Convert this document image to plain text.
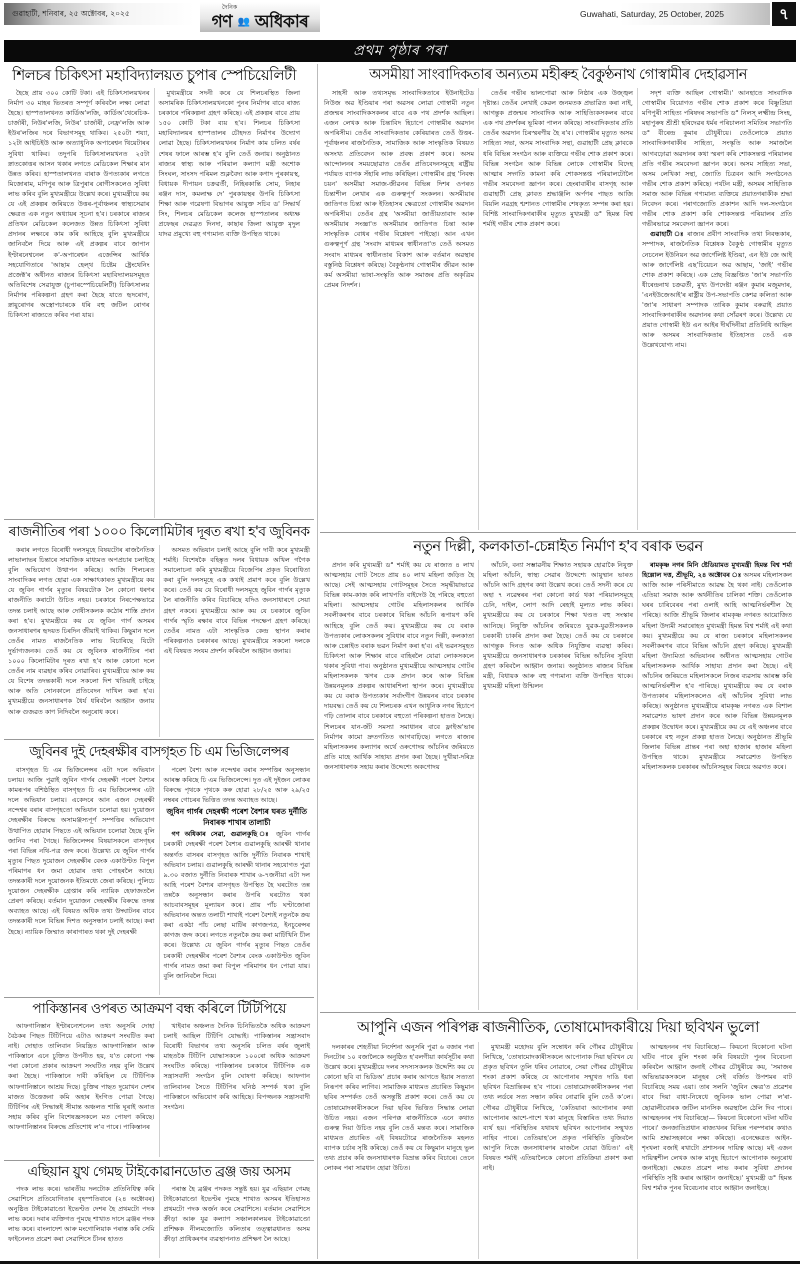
গুৱাহাটী, শনিবাৰ, ২৫ অক্টোবৰ, ২০২৫
দৈনিক
গণ 👥 অধিকাৰ	Guwahati, Saturday, 25 October, 2025	৭
প্ৰথম পৃষ্ঠাৰ পৰা
শিলচৰ চিকিৎসা মহাবিদ্যালয়ত চুপাৰ স্পেচিয়েলিটী

হৈছে প্ৰায় ৩০০ কোটি টকা। এই চিকিৎসালয়খনৰ নিৰ্মাণ ৩০ মাহৰ ভিতৰত সম্পূৰ্ণ কৰিবলৈ লক্ষ্য লোৱা হৈছে। হাস্পতালখনত কাৰ্ডিঅ'লজি, কাৰ্ডিঅ'থেৰেচিক-চাৰ্জাৰী, নিউৰ'লজি, নিউৰ' চাৰ্জাৰী, নেফ্ৰ'লজি আৰু ইউৰ'লজিৰ দৰে বিভাগসমূহ থাকিব। ২৫০টা শয্যা, ১২টা আইচিইউ আৰু অত্যাধুনিক অপাৰেশ্বন থিয়েটাৰৰ সুবিধা থাকিব। তদুপৰি চিকিৎসালয়খনত ২৫টা স্নাতকোত্তৰ আসন থকাৰ লগতে মেডিকেল শিক্ষাৰ মান উন্নত কৰিব। হাস্পতালখনত বাৰাক উপত্যকাৰ লগতে মিজোৰাম, মণিপুৰ আৰু ত্ৰিপুৰাৰ ৰোগীসকলেও সুবিধা লাভ কৰিব বুলি মুখ্যমন্ত্ৰীয়ে উল্লেখ কৰে। মুখ্যমন্ত্ৰীয়ে কয় যে এই প্ৰকল্পৰ জৰিয়তে উত্তৰ-পূৰ্বাঞ্চলৰ স্বাস্থ্যসেৱাৰ ক্ষেত্ৰত এক নতুন অধ্যায়ৰ সূচনা হ'ব। চৰকাৰে ৰাজ্যৰ প্ৰতিখন মেডিকেল কলেজত উন্নত চিকিৎসা সুবিধা প্ৰদানৰ লক্ষ্যৰে কাম কৰি আহিছে বুলি মুখ্যমন্ত্ৰীয়ে জানিবলৈ দিয়ে আৰু এই প্ৰকল্পৰ বাবে জাপান ইণ্টাৰনেশ্বনেল ক'-অপাৰেশ্বন এজেন্সিৰ আৰ্থিক সহযোগিতাৰে 'আছাম হেল্থ চিষ্টেম ষ্ট্ৰেংথেনিং প্ৰজেক্ট'ৰ অধীনত ৰাজ্যৰ চিকিৎসা মহাবিদ্যালয়সমূহত অতিবিশেষ সেৱাযুক্ত (চুপাৰস্পেচিয়েলিটী) চিকিৎসালয় নিৰ্মাণৰ পৰিকল্পনা গ্ৰহণ কৰা হৈছে যাতে হৃদৰোগ, স্নায়ুৰোগৰ অস্ত্ৰোপচাৰকে ধৰি বহু জটিল ৰোগৰ চিকিৎসা ৰাজ্যতে কৰিব পৰা যায়।

মুখ্যমন্ত্ৰীয়ে সদনী কৰে যে শিলচৰস্থিত জিলা অসামৰিক চিকিৎসালয়খনকো পুনৰ নিৰ্মাণৰ বাবে ৰাজ্য চৰকাৰে পৰিকল্পনা গ্ৰহণ কৰিছে। এই প্ৰকল্পৰ বাবে প্ৰায় ১৫০ কোটি টকা ব্যয় হ'ব। শিলচৰ চিকিৎসা মহাবিদ্যালয়ৰ হাস্পতালৰ চৌহদত নিৰ্মাণৰ উদ্যোগ লোৱা হৈছে। চিকিৎসালয়খনৰ নিৰ্মাণ কাম চলিত বৰ্ষৰ শেষৰ ফালে আৰম্ভ হ'ব বুলি তেওঁ জনায়। অনুষ্ঠানত ৰাজ্যৰ স্বাস্থ্য আৰু পৰিয়াল কল্যাণ মন্ত্ৰী অশোক সিংঘল, সাংসদ পৰিমল শুক্লবৈদ্য আৰু কণাদ পুৰকায়স্থ, বিধায়ক দীপায়ন চক্ৰৱৰ্তী, নিহিৰকান্তি সোম, নিহাৰ ৰঞ্জন দাস, কমলাক্ষ দে' পুৰকায়স্থৰ উপৰি চিকিৎসা শিক্ষা আৰু গৱেষণা বিভাগৰ আয়ুক্ত সচিব ড' সিদ্ধাৰ্থ সিং, শিলচৰ মেডিকেল কলেজ হাস্পতালৰ অধ্যক্ষ প্ৰফেছৰ দেৱব্ৰত দিনদা, কাছাৰ জিলা আয়ুক্ত মৃদুল যাদৱ প্ৰমুখ্যে বহু গণ্যমান্য ব্যক্তি উপস্থিত থাকে।

অসমীয়া সাংবাদিকতাৰ অন্যতম মহীৰুহ বৈকুণ্ঠনাথ গোস্বামীৰ দেহাৱসান

সাহসী আৰু তথ্যসমৃদ্ধ সাংবাদিকতাৰে ইউনাইটেড নিউজ অৱ ইণ্ডিয়াৰ পৰা অৱসৰ লোৱা গোস্বামী নতুন প্ৰজন্মৰ সাংবাদিকসকলৰ বাবে এক পথ প্ৰদৰ্শক আছিল। এজন লেখক আৰু চিন্তাবিদ হিচাপে গোস্বামীৰ অৱদান অপৰিসীম। তেওঁৰ সাংবাদিকতাৰ কেৰিয়াৰত তেওঁ উত্তৰ-পূৰ্বাঞ্চলৰ ৰাজনৈতিক, সামাজিক আৰু সাংস্কৃতিক বিষয়ত অসংখ্য প্ৰতিবেদন আৰু প্ৰবন্ধ প্ৰকাশ কৰে। অসম আন্দোলনৰ সময়ছোৱাত তেওঁৰ প্ৰতিবেদনসমূহে ৰাষ্ট্ৰীয় পৰ্যায়ত ব্যাপক সঁহাৰি লাভ কৰিছিল। গোস্বামীৰ গ্ৰন্থ 'নিবন্ধ চয়ন' অসমীয়া সমাজ-জীৱনৰ বিভিন্ন দিশৰ ওপৰত চিন্তাশীল লেখাৰ এক গুৰুত্বপূৰ্ণ সংকলন। অসমীয়াৰ জাতিগত চিন্তা আৰু ইতিহাসৰ ক্ষেত্ৰতো গোস্বামীৰ অৱদান অপৰিসীম। তেওঁৰ গ্ৰন্থ 'অসমীয়া জাতীয়তাবাদ আৰু অসমীয়াৰ সংজ্ঞা'ত অসমীয়াৰ জাতিগত চিন্তা আৰু সাংস্কৃতিক বোধৰ গভীৰ বিশ্লেষণ পাইছো। আন এখন গুৰুত্বপূৰ্ণ গ্ৰন্থ 'সংবাদ মাধ্যমৰ স্বাধীনতা'ত তেওঁ অসমত সংবাদ মাধ্যমৰ স্বাধীনতাৰ বিকাশ আৰু বৰ্তমান অৱস্থাৰ বস্তুনিষ্ঠ বিশ্লেষণ কৰিছে। বৈকুণ্ঠনাথ গোস্বামীৰ জীৱন আৰু কৰ্ম অসমীয়া ভাষা-সংস্কৃতি আৰু সমাজৰ প্ৰতি অকৃত্ৰিম প্ৰেমৰ নিদৰ্শন।

তেওঁৰ গভীৰ ভালপোৱা আৰু নিষ্ঠাৰ এক উজ্জ্বল দৃষ্টান্ত। তেওঁৰ লেখাই কেৱল জনমতক প্ৰভাৱিত কৰা নাই, আগন্তুক প্ৰজন্মৰ সাংবাদিক আৰু সাহিত্যিকসকলৰ বাবে এক পথ প্ৰদৰ্শকৰ ভূমিকা পালন কৰিছে। সাংবাদিকতাৰ প্ৰতি তেওঁৰ অৱদান চিৰস্মৰণীয় হৈ ৰ'ব। গোস্বামীৰ মৃত্যুত অসম সাহিত্য সভা, অসম সাংবাদিক সন্থা, গুৱাহাটী প্ৰেছ ক্লাবকে ধৰি বিভিন্ন সংগঠন আৰু ব্যক্তিয়ে গভীৰ শোক প্ৰকাশ কৰে। বিভিন্ন সংগঠন আৰু বিভিন্ন লোকে গোস্বামীৰ বিদেহ আত্মাৰ সদ্গতি কামনা কৰি শোকসন্তপ্ত পৰিয়ালটোলৈ গভীৰ সমবেদনা জ্ঞাপন কৰে। হেংৰাবাৰীৰ বাসগৃহ আৰু গুৱাহাটী প্ৰেছ ক্লাবত শ্ৰদ্ধাঞ্জলি অৰ্পণৰ পাছত আজি বিয়লি নৱগ্ৰহ শ্মশানত গোস্বামীৰ শেষকৃত্য সম্পন্ন কৰা হয়। বিশিষ্ট সাংবাদিকগৰাকীৰ মৃত্যুত মুখ্যমন্ত্ৰী ড° হিমন্ত বিশ্ব শৰ্মাই গভীৰ শোক প্ৰকাশ কৰে।

সদৃশ ব্যক্তি আছিল গোস্বামী।' আনহাতে সাংবাদিক গোস্বামীৰ বিয়োগত গভীৰ শোক প্ৰকাশ কৰে বিষ্ণুপ্ৰিয়া মণিপুৰী সাহিত্য পৰিষদৰ সভাপতি ড° নিলস্ লক্ষ্মীন্দ্ৰ সিংহ, মহাপুৰুষ শ্ৰীশ্ৰী হৰিদেৱৰ ধৰ্মৰ পৰিচালনা সমিতিৰ সভাপতি ড° বীৰেন্দ্ৰ কুমাৰ চৌধুৰীয়ে। তেওঁলোকে প্ৰয়াত সাংবাদিকগৰাকীৰ সাহিত্য, সংস্কৃতি আৰু সমাজলৈ আগবঢ়োৱা অৱদানৰ কথা স্মৰণ কৰি শোকসন্তপ্ত পৰিয়ালৰ প্ৰতি গভীৰ সমবেদনা জ্ঞাপন কৰে। অসম সাহিত্য সভা, অসম লেখিকা সন্থা, জ্যোতি চিত্ৰবন আদি সংগঠনেও গভীৰ শোক প্ৰকাশ কৰিছে। পৰ্যটন মন্ত্ৰী, অসমৰ সাহিত্যিক সমাজ আৰু বিভিন্ন গণ্যমান্য ব্যক্তিয়ে প্ৰয়াতগৰাকীক শ্ৰদ্ধা নিবেদন কৰে। পৰাগজ্যোতি প্ৰকাশন আদি দল-সংগঠনে গভীৰ শোক প্ৰকাশ কৰি শোকসন্তপ্ত পৰিয়ালৰ প্ৰতি গভীৰভাৱে সমবেদনা জ্ঞাপন কৰে।

গুৱাহাটী ঃ ৰাজ্যৰ প্ৰবীণ সাংবাদিক তথা নিবন্ধকাৰ, সম্পাদক, ৰাজনৈতিক বিশ্লেষক বৈকুণ্ঠ গোস্বামীৰ মৃত্যুত নেচনেল ইউনিয়ন অৱ জাৰ্ণেলিষ্ট ইণ্ডিয়া, এন ইউ জে আই আৰু জাৰ্ণেলিষ্ট এছ'চিয়েচন অৱ আছাম, 'জাই' গভীৰ শোক প্ৰকাশ কৰিছে। এক প্ৰেছ বিজ্ঞপ্তিত 'জা'ৰ সভাপতি ধীৰেন্দ্ৰনাথ চক্ৰৱৰ্তী, মুখ্য উপদেষ্টা ৰঞ্জন কুমাৰ মজুমদাৰ, 'এনইউজেআই'ৰ ৰাষ্ট্ৰীয় উপ-সভাপতি কেশৱ কলিতা আৰু 'জা'ৰ সাধাৰণ সম্পাদক তাৰিক কুমাৰ বৰুৱাই প্ৰয়াত সাংবাদিকগৰাকীৰ অৱদানৰ কথা সোঁৱৰণ কৰে। উল্লেখ্য যে প্ৰয়াত গোস্বামী ইউ এন আইৰ দীৰ্ঘদিনীয়া প্ৰতিনিধি আছিল আৰু অসমৰ সাংবাদিকতাৰ ইতিহাসত তেওঁ এক উল্লেখযোগ্য নাম।

ৰাজনীতিৰ পৰা ১০০০ কিলোমিটাৰ দূৰত ৰখা হ'ব জুবিনক

কৰাৰ লগতে বিৰোধী দলসমূহে বিষয়টোৰ ৰাজনৈতিক লাভালাভৰ চিন্তাৰে সামাজিক মাধ্যমত অপপ্ৰচাৰ চলাইছে বুলি অভিযোগ উত্থাপন কৰিছে। আজি শিলচৰত সাংবাদিকৰ লগত হোৱা এক সাক্ষাৎকাৰত মুখ্যমন্ত্ৰীয়ে কয় যে জুবিন গাৰ্গৰ মৃত্যুৰ বিষয়টোক লৈ কোনো ধৰণৰ ৰাজনীতি কৰাটো উচিত নহয়। চৰকাৰে নিৰপেক্ষভাৱে তদন্ত চলাই আছে আৰু দোষীসকলক কঠোৰ শাস্তি প্ৰদান কৰা হ'ব। মুখ্যমন্ত্ৰীয়ে কয় যে জুবিন গাৰ্গ অসমৰ জনসাধাৰণৰ হৃদয়ত চিৰদিন জীয়াই থাকিব। কিছুমান দলে তেওঁৰ নামত ৰাজনৈতিক লাভ বিচাৰিছে যিটো দুৰ্ভাগ্যজনক। তেওঁ কয় যে জুবিনক ৰাজনীতিৰ পৰা ১০০০ কিলোমিটাৰ দূৰত ৰখা হ'ব আৰু কোনো দলে তেওঁৰ নাম ব্যৱহাৰ কৰিব নোৱাৰিব। মুখ্যমন্ত্ৰীয়ে আৰু কয় যে বিশেষ তদন্তকাৰী দলে সকলো দিশ খতিয়াই চাইছে আৰু অতি সোনকালে প্ৰতিবেদন দাখিল কৰা হ'ব। মুখ্যমন্ত্ৰীয়ে জনসাধাৰণক ধৈৰ্য ধৰিবলৈ আহ্বান জনায় আৰু গুজৱত কাণ নিদিবলৈ অনুৰোধ কৰে।

অসমত অভিযান চলাই আছে বুলি দাবী কৰে মুখ্যমন্ত্ৰী শৰ্মাই। বিশেষকৈ বহিষ্কৃত দলৰ বিধায়ক অখিল গগৈক সমালোচনা কৰি মুখ্যমন্ত্ৰীয়ে বিজেপিৰ প্ৰকৃত বিৰোধিতা কৰা বুলি দলসমূহে এক কথাই প্ৰমাণ কৰে বুলি উল্লেখ কৰে। তেওঁ কয় যে বিৰোধী দলসমূহে জুবিন গাৰ্গৰ মৃত্যুক লৈ ৰাজনীতি কৰিব বিচাৰিছে যদিও জনসাধাৰণে সেয়া গ্ৰহণ নকৰে। মুখ্যমন্ত্ৰীয়ে আৰু কয় যে চৰকাৰে জুবিন গাৰ্গৰ স্মৃতি ৰক্ষাৰ বাবে বিভিন্ন পদক্ষেপ গ্ৰহণ কৰিছে। তেওঁৰ নামত এটা সাংস্কৃতিক কেন্দ্ৰ স্থাপন কৰাৰ পৰিকল্পনাও চৰকাৰৰ আছে। মুখ্যমন্ত্ৰীয়ে সকলো দলকে এই বিষয়ত সংযম প্ৰদৰ্শন কৰিবলৈ আহ্বান জনায়।

জুবিনৰ দুই দেহৰক্ষীৰ বাসগৃহত চি এম ভিজিলেন্সৰ

বাসগৃহত চি এম ভিজিলেন্সৰ এটা দলে অভিযান চলায়। আজি পুৱাই জুবিন গাৰ্গৰ দেহৰক্ষী পৰেশ বৈশ্যৰ কামৰূপৰ বশিষ্ঠস্থিত বাসগৃহত চি এম ভিজিলেন্সৰ এটা দলে অভিযান চলায়। একেদৰে আন এজন দেহৰক্ষী নন্দেশ্বৰ বৰাৰ বাসগৃহতো অভিযান চলোৱা হয়। দুয়োজন দেহৰক্ষীৰ বিৰুদ্ধে অসামঞ্জস্যপূৰ্ণ সম্পত্তিৰ অভিযোগ উত্থাপিত হোৱাৰ পিছতে এই অভিযান চলোৱা হৈছে বুলি জানিব পৰা গৈছে। ভিজিলেন্সৰ বিষয়াসকলে বাসগৃহৰ পৰা বিভিন্ন নথি-পত্ৰ জব্দ কৰে। উল্লেখ্য যে জুবিন গাৰ্গৰ মৃত্যুৰ পিছত দুয়োজন দেহৰক্ষীৰ বেংক একাউণ্টত বিপুল পৰিমাণৰ ধন জমা হোৱাৰ তথ্য পোহৰলৈ আহে। তদন্তকাৰী দলে দুয়োজনক ইতিমধ্যে জেৰা কৰিছে। পুলিচে দুয়োজন দেহৰক্ষীক গ্ৰেপ্তাৰ কৰি ন্যায়িক হেফাজতলৈ প্ৰেৰণ কৰিছে। বৰ্তমান দুয়োজন দেহৰক্ষীৰ বিৰুদ্ধে তদন্ত অব্যাহত আছে। এই বিষয়ত অধিক তথ্য উদ্ঘাটনৰ বাবে তদন্তকাৰী দলে বিভিন্ন দিশত অনুসন্ধান চলাই আছে। কৰা হৈছে। ন্যায়িক জিম্মাত কাৰাগাৰত থকা দুই দেহৰক্ষী

পৰেশ বৈশ্য আৰু নন্দেশ্বৰ বৰাৰ সম্পত্তিৰ অনুসন্ধান আৰম্ভ কৰিছে চি এম ভিজিলেন্সে। দুত এই দুইজন লোকৰ বিৰুদ্ধে পৃথকে পৃথকে কৰু হোৱা ২৮/২৫ আৰু ২৯/২৫ নম্বৰৰ গোচৰৰ ভিত্তিত তদন্ত অব্যাহত আছে।

জুবিন গাৰ্গৰ দেহৰক্ষী পৰেশ বৈশ্যৰ ঘৰত দুৰ্নীতি নিবাৰক শাখাৰ তালাচী

গণ অধিকাৰ সেৱা, গুৱালকুছি ঃ জুবিন গাৰ্গৰ চৰকাৰী দেহৰক্ষী পৰেশ বৈশ্যৰ গুৱালকুছি আৰক্ষী থানাৰ অন্তৰ্গত বাসৰৰ বাসগৃহত আজি দুৰ্নীতি নিবাৰক শাখাই অভিযান চলায়। গুৱালকুছি আৰক্ষী থানাৰ সহযোগত পুৱা ৯.৩০ বজাত দুৰ্নীতি নিবাৰক শাখাৰ ৬-৭জনীয়া এটা দল আহি পৰেশ বৈশ্যৰ বাসগৃহত উপস্থিত হৈ ঘৰটোত তন্ন তন্নকৈ অনুসন্ধান কৰাৰ উপৰি ঘৰটোত থকা আচবাবসমূহৰ মূল্যায়ন কৰে। প্ৰায় পাঁচ ঘণ্টাজোৰা অভিযানৰ অন্তত তলাচী শাখাই পৰেশ বৈশ্যই নতুনকৈ ক্ৰয় কৰা একঠা পাঁচ লেছা মাটিৰ কাগজপত্ৰ, ইনচুৰেন্সৰ কাগজ জব্দ কৰে। লগতে নতুনকৈ ক্ৰয় কৰা মাটিখিনি চীল কৰে। উল্লেখ্য যে জুবিন গাৰ্গৰ মৃত্যুৰ পিছত তেওঁৰ চৰকাৰী দেহৰক্ষীৰ পৰেশ বৈশ্যৰ বেংক একাউণ্টত জুবিন গাৰ্গৰ নামত জমা কৰা বিপুল পৰিমাণৰ ধন পোৱা যায়। বুলি জানিবলৈ দিয়ে।

পাকিস্তানৰ ওপৰত আক্ৰমণ বন্ধ কৰিলে টিটিপিয়ে

আফগানিস্তান ইণ্টাৰন্যেশনেল তথ্য অনুসৰি দোহা বৈঠকৰ পিছত টিটিপিয়ে এটাও আক্ৰমণ সংঘটিত কৰা নাই। দোহাত তালিবান নিয়ন্ত্ৰিত আফগানিস্তান আৰু পাকিস্তানে এনে চুক্তিত উপনীত হয়, য'ত কোনো পক্ষ পৰা কোনো প্ৰকাৰ আক্ৰমণ সংঘটিত নহয় বুলি উল্লেখ কৰা হৈছে। পাকিস্তানে দাবী কৰিছিল যে টিটিপিক আফগানিস্তানে আশ্ৰয় দিছে। চুক্তিৰ পাছত দুয়োখন দেশৰ মাজত উত্তেজনা কমি অহাৰ ইংগিত পোৱা গৈছে। টিটিপিৰ এই সিদ্ধান্তই সীমান্ত অঞ্চলত শান্তি ঘূৰাই অনাত সহায় কৰিব বুলি বিশেষজ্ঞসকলে মত পোষণ কৰিছে। আফগানিস্তানৰ বিৰুদ্ধে প্ৰতিশোধ ল'ব পাৰে। পাকিস্তানৰ

খাইবাৰ অঞ্চলত দৈনিক চিনিভিতকৈ অধিক আক্ৰমণ চলাই আছিল টিটিপি যোদ্ধাই। পাকিস্তানৰ সন্ত্ৰাসবাদ বিৰোধী বিভাগৰ তথ্য অনুসৰি চলিত বৰ্ষৰ জুলাই মাহতকৈ টিটিপি যোদ্ধাসকলে ১০০ৰো অধিক আক্ৰমণ সংঘটিত কৰিছে। পাকিস্তানৰ চৰকাৰে টিটিপিক এক সন্ত্ৰাসবাদী সংগঠন বুলি ঘোষণা কৰিছে। আফগান তালিবানৰ সৈতে টিটিপিৰ ঘনিষ্ঠ সম্পৰ্ক থকা বুলি পাকিস্তানে অভিযোগ কৰি আহিছে। বিপজ্জনক সন্ত্ৰাসবাদী সংগঠন।

এছিয়ান য়ুথ গেমছ টাইকোৱানডোত ব্ৰঞ্জ জয় অসম

পদক লাভ কৰে। ভাৰতীয় দলটোক প্ৰতিনিধিত্ব কৰি সেৱাশিসে প্ৰতিযোগিতাৰ বৃহস্পতিবাৰে (২৪ অক্টোবৰ) অনুষ্ঠিত টাইকোৱাণ্ডো ইভেণ্টত দেশৰ হৈ প্ৰথমটো পদক লাভ কৰে। দবাৰ ব্যক্তিগত পুমছে শাখাত দাসে ব্ৰঞ্জৰ পদক লাভ কৰে। বাংলাদেশ আৰু মংগোলিয়াক পৰাস্ত কৰি সেমি ফাইনেলত প্ৰৱেশ কৰা সেৱাশিসে চীনৰ হাতত

পৰাস্ত হৈ ব্ৰঞ্জৰ পদকত সন্তুষ্ট হয়। যুৱ এছিয়ান গেমছ টাইকোৱাণ্ডো ইভেণ্টৰ পুমছে শাখাত অসমৰ ইতিহাসত প্ৰথমটো পদক অৰ্জন কৰে সেৱাশিসে। বৰ্তমান সেৱাশিসে ক্ৰীড়া আৰু যুৱ কল্যাণ সঞ্চালকালয়ৰ টাইকোৱাণ্ডো প্ৰশিক্ষক নীলমজ্যোতি কলিতাৰ তত্ত্বাৱধানত অসম ক্ৰীড়া প্ৰাধিকৰণৰ ব্যৱস্থাপনাত প্ৰশিক্ষণ লৈ আছে।

নতুন দিল্লী, কলকাতা-চেন্নাইত নিৰ্মাণ হ'ব বৰাক ভৱন

প্ৰদান কৰি মুখ্যমন্ত্ৰী ড° শৰ্মাই কয় যে ৰাজ্যত ৪ লাখ আত্মসহায় গোট সৈতে প্ৰায় ৪০ লাখ মহিলা জড়িত হৈ আছে। সেই আত্মসহায় গোটসমূহৰ সৈতে সমৃদ্ধীয়াভাৱে বিভিন্ন কাম-কাজ কৰি লাখপতি বাইদেউ হৈ পৰিছে বহুতো মহিলা। আত্মসহায় গোটৰ মহিলাসকলৰ আৰ্থিক সবলীকৰণৰ বাবে চৰকাৰে বিভিন্ন আঁচনি ৰূপায়ণ কৰি আহিছে বুলি তেওঁ কয়। মুখ্যমন্ত্ৰীয়ে কয় যে বৰাক উপত্যকাৰ লোকসকলৰ সুবিধাৰ বাবে নতুন দিল্লী, কলকাতা আৰু চেন্নাইত বৰাক ভৱন নিৰ্মাণ কৰা হ'ব। এই ভৱনসমূহত চিকিৎসা আৰু শিক্ষাৰ বাবে বাহিৰলৈ যোৱা লোকসকলে থকাৰ সুবিধা পাব। অনুষ্ঠানত মুখ্যমন্ত্ৰীয়ে আত্মসহায় গোটৰ মহিলাসকলক ঋণৰ চেক প্ৰদান কৰে আৰু বিভিন্ন উন্নয়নমূলক প্ৰকল্পৰ আধাৰশিলা স্থাপন কৰে। মুখ্যমন্ত্ৰীয়ে কয় যে বৰাক উপত্যকাৰ সৰ্বাংগীণ উন্নয়নৰ বাবে চৰকাৰ দায়বদ্ধ। তেওঁ কয় যে শিলচৰক এখন আধুনিক নগৰ হিচাপে গঢ়ি তোলাৰ বাবে চৰকাৰে বহুতো পৰিকল্পনা হাতত লৈছে। শিলচৰৰ যান-জঁট সমস্যা সমাধানৰ বাবে ফ্লাইঅ'ভাৰ নিৰ্মাণৰ কামো দ্ৰুতগতিত আগবাঢ়িছে। লগতে ৰাজ্যৰ মহিলাসকলৰ কল্যাণৰ অৰ্থে ওৰুণোদয় আঁচনিৰ জৰিয়তে প্ৰতি মাহে আৰ্থিক সাহায্য প্ৰদান কৰা হৈছে। দুখীয়া-দৰিদ্ৰ জনসাধাৰণক সহায় কৰাৰ উদ্দেশ্যে অকণোদয়

আঁচনি, বন্যা সম্ভাৱনীয় শিক্ষাত সহায়ক হোৱাকৈ নিযুক্ত মহিলা আঁচনি, স্বাস্থ্য সেৱাৰ উদ্দেশ্যে আয়ুষ্মান ভাৰত আঁচনি আদি গ্ৰহণৰ কথা উল্লেখ কৰে। তেওঁ সদনী কৰে যে অহা ৭ নৱেম্বৰৰ পৰা কোনো কাৰ্ড থকা পৰিয়ালসমূহে চেনি, দাইল, লোণ আদি ৰেহাই মূল্যত লাভ কৰিব। মুখ্যমন্ত্ৰীয়ে কয় যে চৰকাৰে শিক্ষা খণ্ডত বহু সংস্কাৰ আনিছে। নিযুক্তি আঁচনিৰ জৰিয়তে যুৱক-যুৱতীসকলক চৰকাৰী চাকৰি প্ৰদান কৰা হৈছে। তেওঁ কয় যে চৰকাৰে আগন্তুক দিনত আৰু অধিক নিযুক্তিৰ ব্যৱস্থা কৰিব। মুখ্যমন্ত্ৰীয়ে জনসাধাৰণক চৰকাৰৰ বিভিন্ন আঁচনিৰ সুবিধা গ্ৰহণ কৰিবলৈ আহ্বান জনায়। অনুষ্ঠানত ৰাজ্যৰ বিভিন্ন মন্ত্ৰী, বিধায়ক আৰু বহু গণ্যমান্য ব্যক্তি উপস্থিত থাকে। মুখ্যমন্ত্ৰী মহিলা উন্মিলন

ৰামকৃষ্ণ নগৰ মিনি ষ্টেডিয়ামত মুখ্যমন্ত্ৰী হিমন্ত বিশ্ব শৰ্মা হিল্লোল দত্ত, শ্ৰীভূমি, ২৪ অক্টোবৰ ঃ অসমৰ মহিলাসকল আজি আৰু পৰিসীমাতে আৱদ্ধ হৈ থকা নাই। তেওঁলোক এতিয়া সমাজ আৰু অৰ্থনীতিৰ চালিকা শক্তি। তেওঁলোক ঘৰৰ চাৰিবেৰৰ পৰা ওলাই আহি আত্মনিৰ্ভৰশীল হৈ পৰিছে। আজি শ্ৰীভূমি জিলাৰ ৰামকৃষ্ণ নগৰত আয়োজিত মহিলা উদ্যমী সমাৰোহত মুখ্যমন্ত্ৰী হিমন্ত বিশ্ব শৰ্মাই এই কথা কয়। মুখ্যমন্ত্ৰীয়ে কয় যে ৰাজ্য চৰকাৰে মহিলাসকলৰ সবলীকৰণৰ বাবে বিভিন্ন আঁচনি গ্ৰহণ কৰিছে। মুখ্যমন্ত্ৰী মহিলা উদ্যমিতা অভিযানৰ অধীনত আত্মসহায় গোটৰ মহিলাসকলক আৰ্থিক সাহায্য প্ৰদান কৰা হৈছে। এই আঁচনিৰ জৰিয়তে মহিলাসকলে নিজৰ ব্যৱসায় আৰম্ভ কৰি আত্মনিৰ্ভৰশীল হ'ব পাৰিছে। মুখ্যমন্ত্ৰীয়ে কয় যে বৰাক উপত্যকাৰ মহিলাসকলেও এই আঁচনিৰ সুবিধা লাভ কৰিছে। অনুষ্ঠানত মুখ্যমন্ত্ৰীয়ে ৰামকৃষ্ণ নগৰত এক বিশাল সমাৱেশত ভাষণ প্ৰদান কৰে আৰু বিভিন্ন উন্নয়নমূলক প্ৰকল্পৰ উদ্বোধন কৰে। মুখ্যমন্ত্ৰীয়ে কয় যে এই অঞ্চলৰ বাবে চৰকাৰে বহু নতুন প্ৰকল্প হাতত লৈছে। অনুষ্ঠানত শ্ৰীভূমি জিলাৰ বিভিন্ন প্ৰান্তৰ পৰা অহা হাজাৰ হাজাৰ মহিলা উপস্থিত থাকে। মুখ্যমন্ত্ৰীয়ে সমাৱেশত উপস্থিত মহিলাসকলক চৰকাৰৰ আঁচনিসমূহৰ বিষয়ে অৱগত কৰে।

আপুনি এজন পৰিপক্ক ৰাজনীতিক, তোষামোদকাৰীয়ে দিয়া ছবিখন ভুলো

দলকাৰৰ শেহতীয়া নিৰ্দেশনা অনুসৰি পুৱা ৬ বজাৰ পৰা দিনটোৰ ১০ বজালৈকে অনুষ্ঠিত হ'বলগীয়া কাৰ্যসূচীৰ কথা উল্লেখ কৰে। মুখ্যমন্ত্ৰীয়ে দলৰ সদস্যসকলক উদ্দেশ্যি কয় যে কোনো ছবি বা ভিডিঅ' প্ৰচাৰ কৰাৰ আগতে ইয়াৰ সত্যতা নিৰূপণ কৰিব লাগিব। সামাজিক মাধ্যমত প্ৰচাৰিত কিছুমান ছবিৰ সম্পৰ্কত তেওঁ অসন্তুষ্টি প্ৰকাশ কৰে। তেওঁ কয় যে তোষামোদকাৰীসকলে দিয়া ছবিৰ ভিত্তিত সিদ্ধান্ত লোৱা উচিত নহয়। এজন পৰিপক্ক ৰাজনীতিকে এনে কথাত গুৰুত্ব দিয়া উচিত নহয় বুলি তেওঁ মন্তব্য কৰে। সামাজিক মাধ্যমত প্ৰচাৰিত এই বিষয়টোৱে ৰাজনৈতিক মহলত ব্যাপক চৰ্চাৰ সৃষ্টি কৰিছে। তেওঁ কয় যে কিছুমান মানুহে ভুল তথ্য প্ৰচাৰ কৰি জনসাধাৰণক বিভ্ৰান্ত কৰিব বিচাৰে। তেনে লোকৰ পৰা সাৱধান হোৱা উচিত।

মুখ্যমন্ত্ৰী মহোদয় বুলি সম্বোধন কৰি গৌৰৱ চৌধুৰীয়ে লিখিছে, 'তোষামোদকাৰীসকলে আপোনাক দিয়া ছবিখন যে প্ৰকৃত ছবিখন তুলি ধৰিব নোৱাৰে, সেয়া গৌৰৱ চৌধুৰীয়ে শংকা প্ৰকাশ কৰিছে যে আপোনাৰ সন্মুখত দাঙি ধৰা ছবিখন বিভ্ৰান্তিকৰ হ'ব পাৰে। তোষামোদকাৰীসকলৰ পৰা তথ্য লৰ্ডৰে সত্য সন্ধান কৰিব নোৱাৰি বুলি তেওঁ ক'লে। গৌৰৱ চৌধুৰীয়ে লিখিছে, 'কেতিয়াবা আপোনাৰ কথা আপোনাৰ আশে-পাশে থকা মানুহে বিস্তাৰিত তথ্য দিয়াত ব্যৰ্থ হয়। পৰিস্থিতিৰ যথাযথ ছবিখন আপোনাৰ সন্মুখত নাহিব পাৰে। তেতিয়াহ'লে প্ৰকৃত পৰিস্থিতি বুজিবলৈ আপুনি নিজে জনসাধাৰণৰ মাজলৈ যোৱা উচিত।' এই বিষয়ত শৰ্মাই এতিয়ালৈকে কোনো প্ৰতিক্ৰিয়া প্ৰকাশ কৰা নাই।

আত্মহননৰ পথ বিচাৰিছো— কিয়নো যিকোনো ঘটনা ঘটিব পাৰে বুলি শংকা কৰি বিষয়টো পুনৰ বিবেচনা কৰিবলৈ আহ্বান জনাই গৌৰৱ চৌধুৰীয়ে কয়, 'সমাজৰ অভিভাৱকসকলে মানুহৰ সেই বৰ্জিত উপশমৰ বাট বিচাৰিছে সময় এয়া। তাৰ সলনি 'জুবিন ক্ষেত্ৰ'ত প্ৰৱেশৰ বাবে দিয়া বাধা-নিষেধে জুবিনক ভাল পোৱা ল'ৰা-ছোৱালীবোৰক জটিল মানসিক অৱস্থালৈ ঠেলি দিব পাৰে। আত্মহননৰ পথ বিচাৰিছো— কিয়নো যিকোনো ঘটনা ঘটিব পাৰে।' জনজাতিপ্ৰধান ৰাজ্যখনৰ বিভিন্ন পৰম্পৰাৰ কথাও আমি শ্ৰদ্ধাসহকাৰে লক্ষ্য কৰিছো। এনেক্ষেত্ৰত আইন-শৃংখলা বজাই ৰখাটো প্ৰশাসনৰ দায়িত্ব আছে। মই এজন দায়িত্বশীল লেখক আৰু মানুহ হিচাপে আপোনাক অনুৰোধ জনাইছো। ক্ষেত্ৰত প্ৰৱেশ লাভ কৰাৰ সুবিধা প্ৰদানৰ পৰিস্থিতি সৃষ্টি কৰাৰ আহ্বান জনাইছে।' মুখ্যমন্ত্ৰী ড° হিমন্ত বিশ্ব শৰ্মাক পুনৰ বিবেচনাৰ বাবে আহ্বান জনাইছে।
